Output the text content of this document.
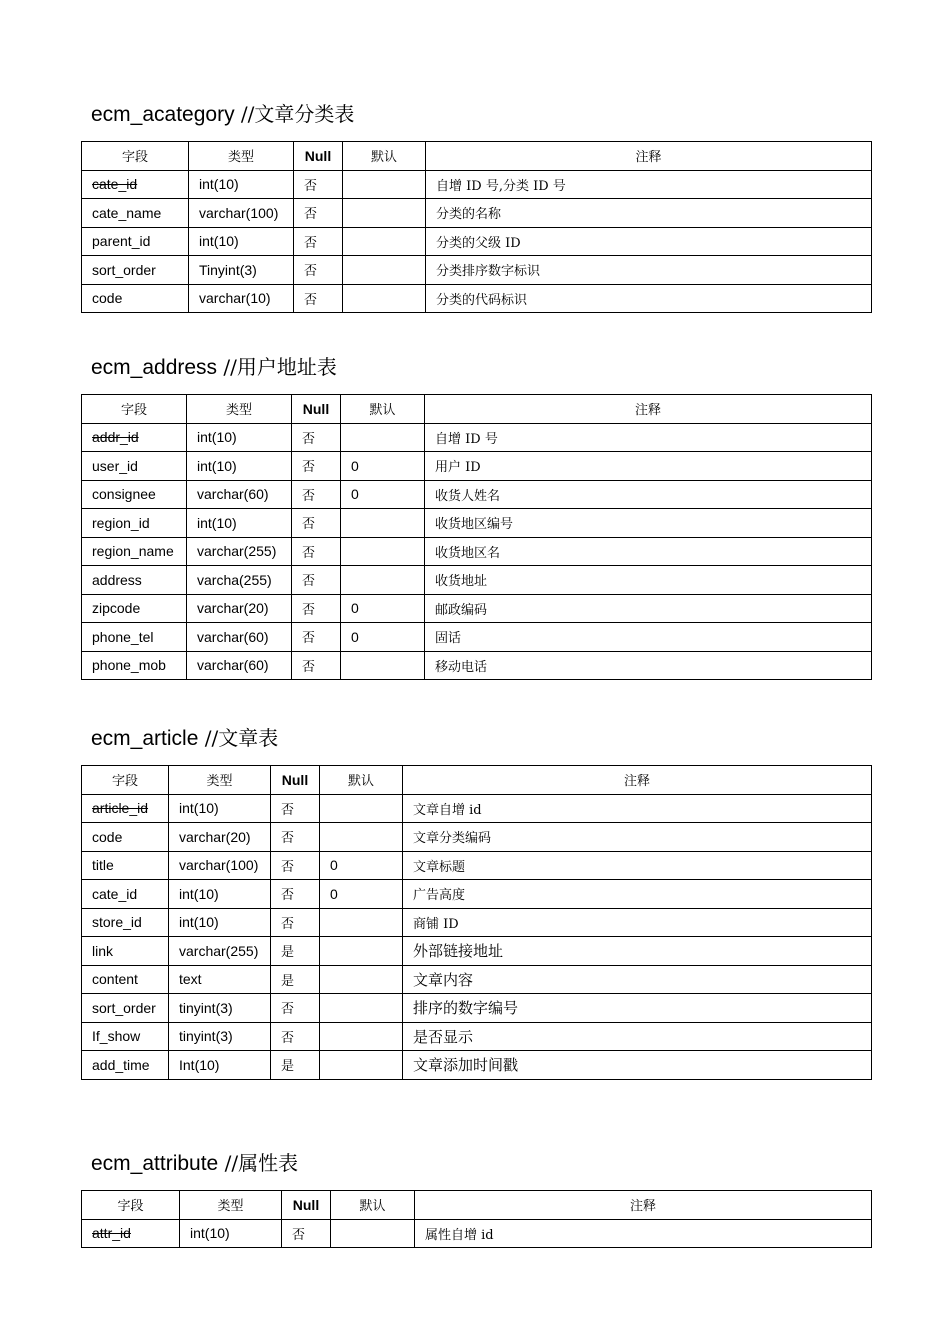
ecm_acategory //文章分类表
字段	类型	Null	默认	注释
cate_id	int(10)	否		自增 ID 号,分类 ID 号
cate_name	varchar(100)	否		分类的名称
parent_id	int(10)	否		分类的父级 ID
sort_order	Tinyint(3)	否		分类排序数字标识
code	varchar(10)	否		分类的代码标识
ecm_address //用户地址表
字段	类型	Null	默认	注释
addr_id	int(10)	否		自增 ID 号
user_id	int(10)	否	0	用户 ID
consignee	varchar(60)	否	0	收货人姓名
region_id	int(10)	否		收货地区编号
region_name	varchar(255)	否		收货地区名
address	varcha(255)	否		收货地址
zipcode	varchar(20)	否	0	邮政编码
phone_tel	varchar(60)	否	0	固话
phone_mob	varchar(60)	否		移动电话
ecm_article //文章表
字段	类型	Null	默认	注释
article_id	int(10)	否		文章自增 id
code	varchar(20)	否		文章分类编码
title	varchar(100)	否	0	文章标题
cate_id	int(10)	否	0	广告高度
store_id	int(10)	否		商铺 ID
link	varchar(255)	是		外部链接地址
content	text	是		文章内容
sort_order	tinyint(3)	否		排序的数字编号
If_show	tinyint(3)	否		是否显示
add_time	Int(10)	是		文章添加时间戳
ecm_attribute //属性表
字段	类型	Null	默认	注释
attr_id	int(10)	否		属性自增 id
